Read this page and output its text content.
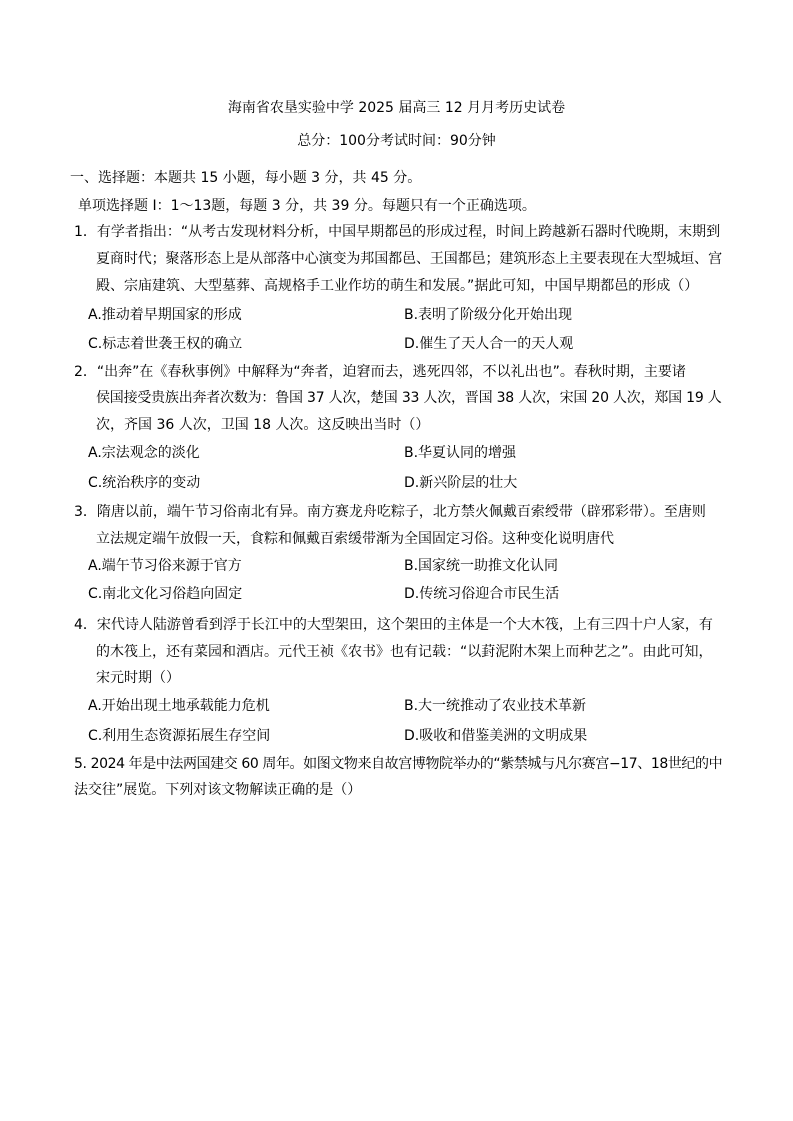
海南省农垦实验中学 2025 届高三 12 月月考历史试卷
总分：100分考试时间：90分钟
一、选择题：本题共 15 小题，每小题 3 分，共 45 分。
单项选择题 I：1～13题，每题 3 分，共 39 分。每题只有一个正确选项。
1．有学者指出：“从考古发现材料分析，中国早期都邑的形成过程，时间上跨越新石器时代晚期，末期到
夏商时代；聚落形态上是从部落中心演变为邦国都邑、王国都邑；建筑形态上主要表现在大型城垣、宫
殿、宗庙建筑、大型墓葬、高规格手工业作坊的萌生和发展。”据此可知，中国早期都邑的形成（）
A.推动着早期国家的形成	B.表明了阶级分化开始出现
C.标志着世袭王权的确立	D.催生了天人合一的天人观
2．“出奔”在《春秋事例》中解释为“奔者，迫窘而去，逃死四邻，不以礼出也”。春秋时期，主要诸
侯国接受贵族出奔者次数为：鲁国 37 人次，楚国 33 人次，晋国 38 人次，宋国 20 人次，郑国 19 人
次，齐国 36 人次，卫国 18 人次。这反映出当时（）
A.宗法观念的淡化	B.华夏认同的增强
C.统治秩序的变动	D.新兴阶层的壮大
3．隋唐以前，端午节习俗南北有异。南方赛龙舟吃粽子，北方禁火佩戴百索绶带（辟邪彩带）。至唐则
立法规定端午放假一天，食粽和佩戴百索缓带渐为全国固定习俗。这种变化说明唐代
A.端午节习俗来源于官方	B.国家统一助推文化认同
C.南北文化习俗趋向固定	D.传统习俗迎合市民生活
4．宋代诗人陆游曾看到浮于长江中的大型架田，这个架田的主体是一个大木筏，上有三四十户人家，有
的木筏上，还有菜园和酒店。元代王祯《农书》也有记载：“以葑泥附木架上而种艺之”。由此可知，
宋元时期（）
A.开始出现土地承载能力危机	B.大一统推动了农业技术革新
C.利用生态资源拓展生存空间	D.吸收和借鉴美洲的文明成果
5. 2024 年是中法两国建交 60 周年。如图文物来自故宫博物院举办的“紫禁城与凡尔赛宫−17、18世纪的中
法交往”展览。下列对该文物解读正确的是（）
